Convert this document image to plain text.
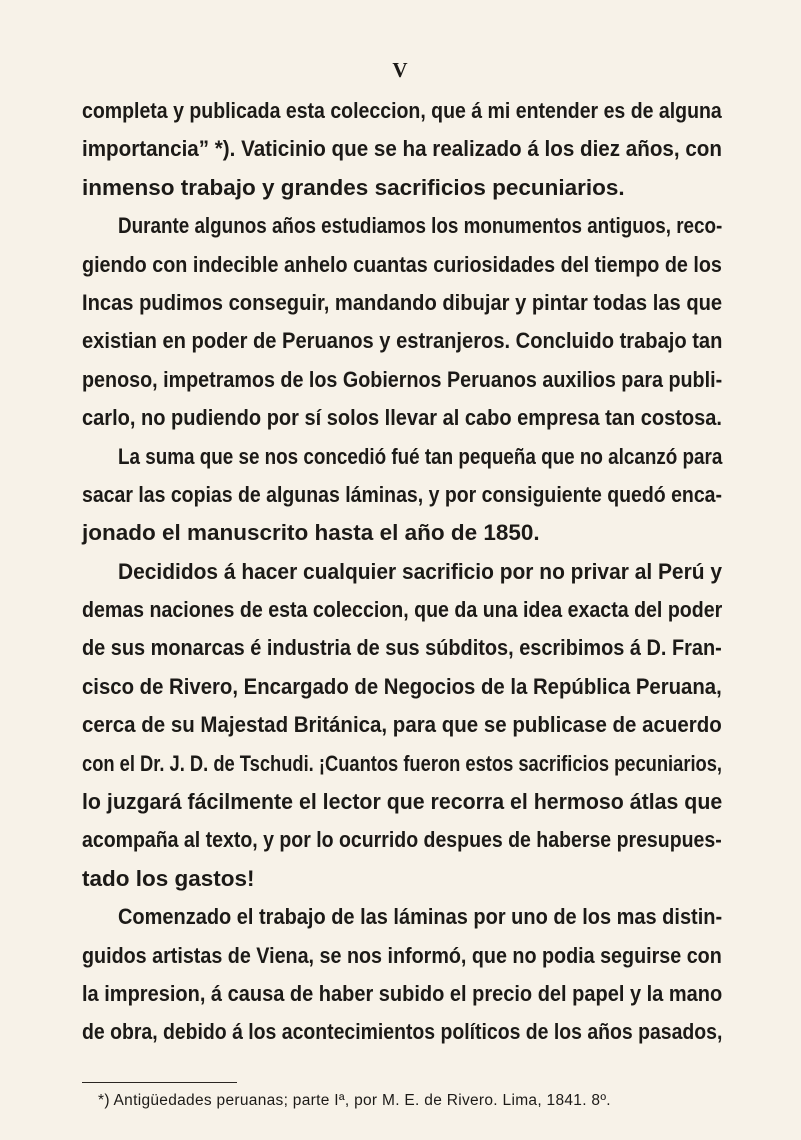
V
completa y publicada esta coleccion, que á mi entender es de alguna
importancia” *). Vaticinio que se ha realizado á los diez años, con
inmenso trabajo y grandes sacrificios pecuniarios.
Durante algunos años estudiamos los monumentos antiguos, reco-
giendo con indecible anhelo cuantas curiosidades del tiempo de los
Incas pudimos conseguir, mandando dibujar y pintar todas las que
existian en poder de Peruanos y estranjeros. Concluido trabajo tan
penoso, impetramos de los Gobiernos Peruanos auxilios para publi-
carlo, no pudiendo por sí solos llevar al cabo empresa tan costosa.
La suma que se nos concedió fué tan pequeña que no alcanzó para
sacar las copias de algunas láminas, y por consiguiente quedó enca-
jonado el manuscrito hasta el año de 1850.
Decididos á hacer cualquier sacrificio por no privar al Perú y
demas naciones de esta coleccion, que da una idea exacta del poder
de sus monarcas é industria de sus súbditos, escribimos á D. Fran-
cisco de Rivero, Encargado de Negocios de la República Peruana,
cerca de su Majestad Británica, para que se publicase de acuerdo
con el Dr. J. D. de Tschudi. ¡Cuantos fueron estos sacrificios pecuniarios,
lo juzgará fácilmente el lector que recorra el hermoso átlas que
acompaña al texto, y por lo ocurrido despues de haberse presupues-
tado los gastos!
Comenzado el trabajo de las láminas por uno de los mas distin-
guidos artistas de Viena, se nos informó, que no podia seguirse con
la impresion, á causa de haber subido el precio del papel y la mano
de obra, debido á los acontecimientos políticos de los años pasados,
*) Antigüedades peruanas; parte Iª, por M. E. de Rivero. Lima, 1841. 8º.
